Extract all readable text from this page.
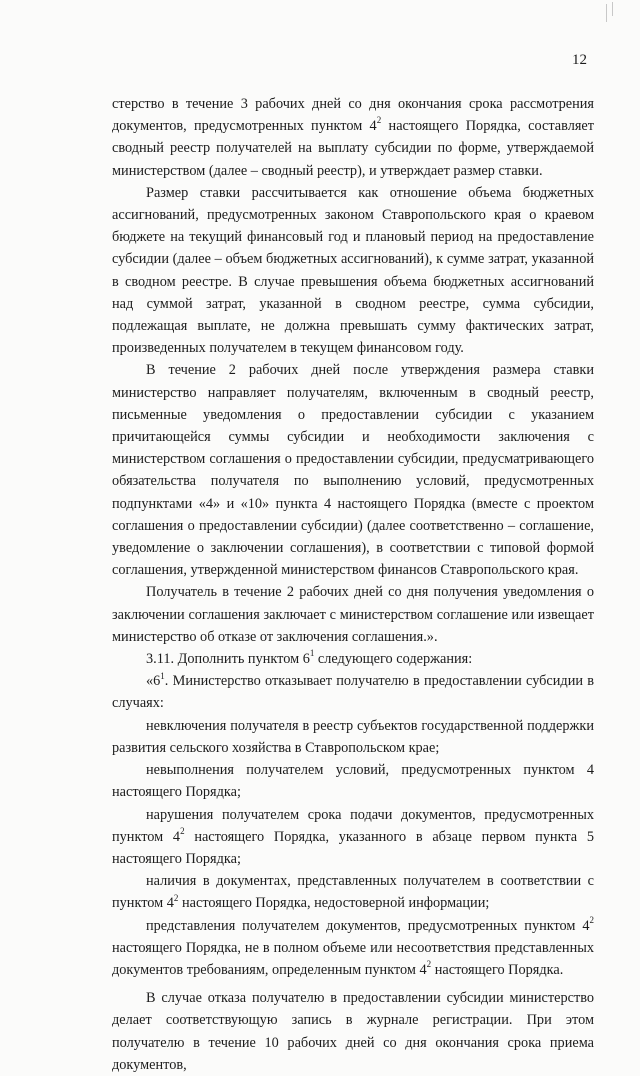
12

стерство в течение 3 рабочих дней со дня окончания срока рассмотрения документов, предусмотренных пунктом $4^2$ настоящего Порядка, составляет сводный реестр получателей на выплату субсидии по форме, утверждаемой министерством (далее – сводный реестр), и утверждает размер ставки.

Размер ставки рассчитывается как отношение объема бюджетных ассигнований, предусмотренных законом Ставропольского края о краевом бюджете на текущий финансовый год и плановый период на предоставление субсидии (далее – объем бюджетных ассигнований), к сумме затрат, указанной в сводном реестре. В случае превышения объема бюджетных ассигнований над суммой затрат, указанной в сводном реестре, сумма субсидии, подлежащая выплате, не должна превышать сумму фактических затрат, произведенных получателем в текущем финансовом году.

В течение 2 рабочих дней после утверждения размера ставки министерство направляет получателям, включенным в сводный реестр, письменные уведомления о предоставлении субсидии с указанием причитающейся суммы субсидии и необходимости заключения с министерством соглашения о предоставлении субсидии, предусматривающего обязательства получателя по выполнению условий, предусмотренных подпунктами «4» и «10» пункта 4 настоящего Порядка (вместе с проектом соглашения о предоставлении субсидии) (далее соответственно – соглашение, уведомление о заключении соглашения), в соответствии с типовой формой соглашения, утвержденной министерством финансов Ставропольского края.

Получатель в течение 2 рабочих дней со дня получения уведомления о заключении соглашения заключает с министерством соглашение или извещает министерство об отказе от заключения соглашения.».

3.11. Дополнить пунктом $6^1$ следующего содержания:

«$6^1$. Министерство отказывает получателю в предоставлении субсидии в случаях:

невключения получателя в реестр субъектов государственной поддержки развития сельского хозяйства в Ставропольском крае;

невыполнения получателем условий, предусмотренных пунктом 4 настоящего Порядка;

нарушения получателем срока подачи документов, предусмотренных пунктом $4^2$ настоящего Порядка, указанного в абзаце первом пункта 5 настоящего Порядка;

наличия в документах, представленных получателем в соответствии с пунктом $4^2$ настоящего Порядка, недостоверной информации;

представления получателем документов, предусмотренных пунктом $4^2$ настоящего Порядка, не в полном объеме или несоответствия представленных документов требованиям, определенным пунктом $4^2$ настоящего Порядка.

В случае отказа получателю в предоставлении субсидии министерство делает соответствующую запись в журнале регистрации. При этом получателю в течение 10 рабочих дней со дня окончания срока приема документов,
